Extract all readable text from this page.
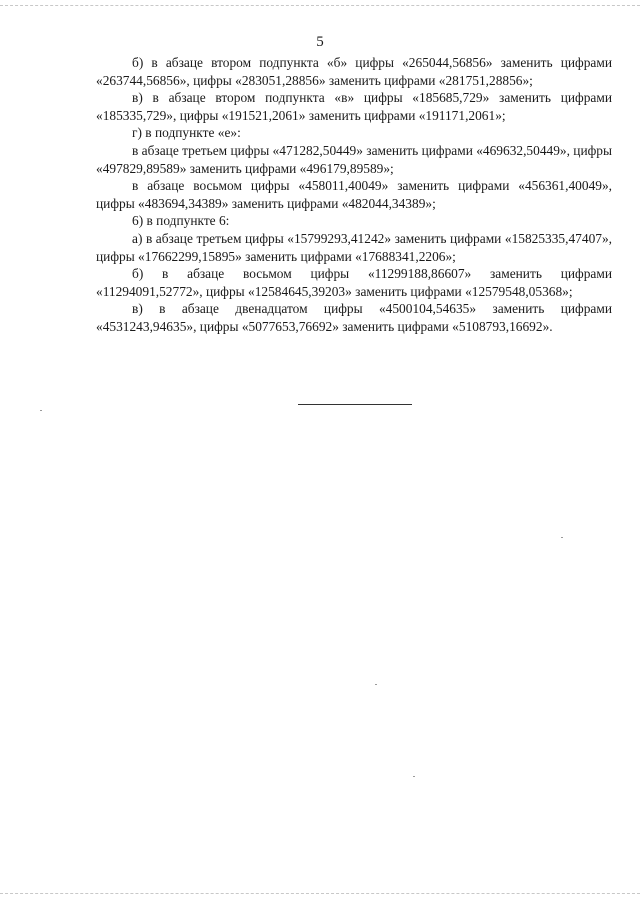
5

б) в абзаце втором подпункта «б» цифры «265044,56856» заменить цифрами «263744,56856», цифры «283051,28856» заменить цифрами «281751,28856»;

в) в абзаце втором подпункта «в» цифры «185685,729» заменить цифрами «185335,729», цифры «191521,2061» заменить цифрами «191171,2061»;

г) в подпункте «е»:

в абзаце третьем цифры «471282,50449» заменить цифрами «469632,50449», цифры «497829,89589» заменить цифрами «496179,89589»;

в абзаце восьмом цифры «458011,40049» заменить цифрами «456361,40049», цифры «483694,34389» заменить цифрами «482044,34389»;

6) в подпункте 6:

а) в абзаце третьем цифры «15799293,41242» заменить цифрами «15825335,47407», цифры «17662299,15895» заменить цифрами «17688341,2206»;

б) в абзаце восьмом цифры «11299188,86607» заменить цифрами «11294091,52772», цифры «12584645,39203» заменить цифрами «12579548,05368»;

в) в абзаце двенадцатом цифры «4500104,54635» заменить цифрами «4531243,94635», цифры «5077653,76692» заменить цифрами «5108793,16692».
